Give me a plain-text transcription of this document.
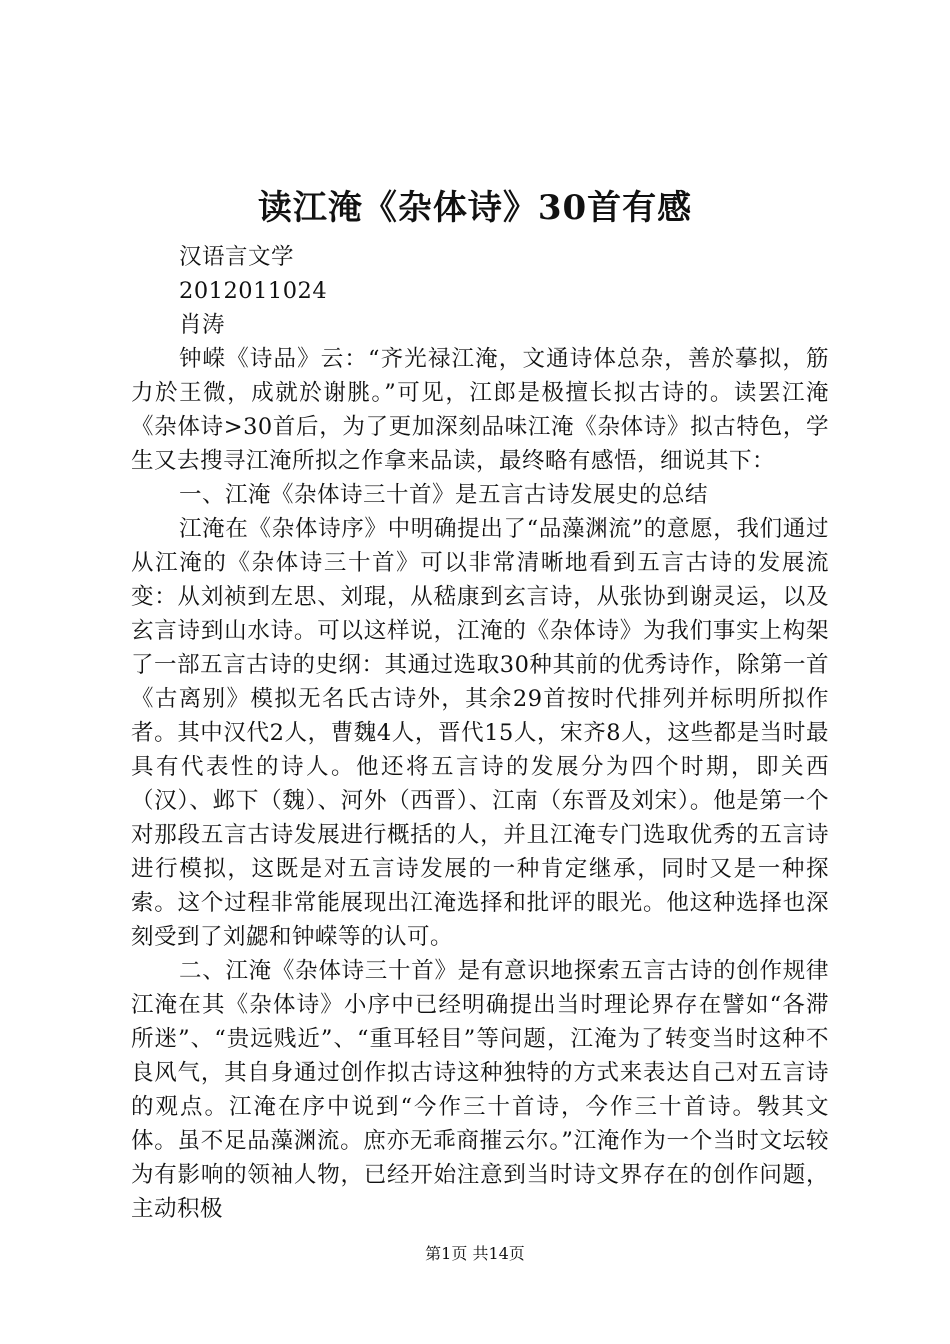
读江淹《杂体诗》30首有感

汉语言文学

2012011024

肖涛

钟嵘《诗品》云：“齐光禄江淹，文通诗体总杂，善於摹拟，筋力於王微，成就於谢朓。”可见，江郎是极擅长拟古诗的。读罢江淹《杂体诗>30首后，为了更加深刻品味江淹《杂体诗》拟古特色，学生又去搜寻江淹所拟之作拿来品读，最终略有感悟，细说其下：

一、江淹《杂体诗三十首》是五言古诗发展史的总结

江淹在《杂体诗序》中明确提出了“品藻渊流”的意愿，我们通过从江淹的《杂体诗三十首》可以非常清晰地看到五言古诗的发展流变：从刘祯到左思、刘琨，从嵇康到玄言诗，从张协到谢灵运，以及玄言诗到山水诗。可以这样说，江淹的《杂体诗》为我们事实上构架了一部五言古诗的史纲：其通过选取30种其前的优秀诗作，除第一首《古离别》模拟无名氏古诗外，其余29首按时代排列并标明所拟作者。其中汉代2人，曹魏4人，晋代15人，宋齐8人，这些都是当时最具有代表性的诗人。他还将五言诗的发展分为四个时期，即关西（汉）、邺下（魏）、河外（西晋）、江南（东晋及刘宋）。他是第一个对那段五言古诗发展进行概括的人，并且江淹专门选取优秀的五言诗进行模拟，这既是对五言诗发展的一种肯定继承，同时又是一种探索。这个过程非常能展现出江淹选择和批评的眼光。他这种选择也深刻受到了刘勰和钟嵘等的认可。

二、江淹《杂体诗三十首》是有意识地探索五言古诗的创作规律江淹在其《杂体诗》小序中已经明确提出当时理论界存在譬如“各滞所迷”、“贵远贱近”、“重耳轻目”等问题，江淹为了转变当时这种不良风气，其自身通过创作拟古诗这种独特的方式来表达自己对五言诗的观点。江淹在序中说到“今作三十首诗，今作三十首诗。斅其文体。虽不足品藻渊流。庶亦无乖商摧云尔。”江淹作为一个当时文坛较为有影响的领袖人物，已经开始注意到当时诗文界存在的创作问题，主动积极

第1页 共14页
